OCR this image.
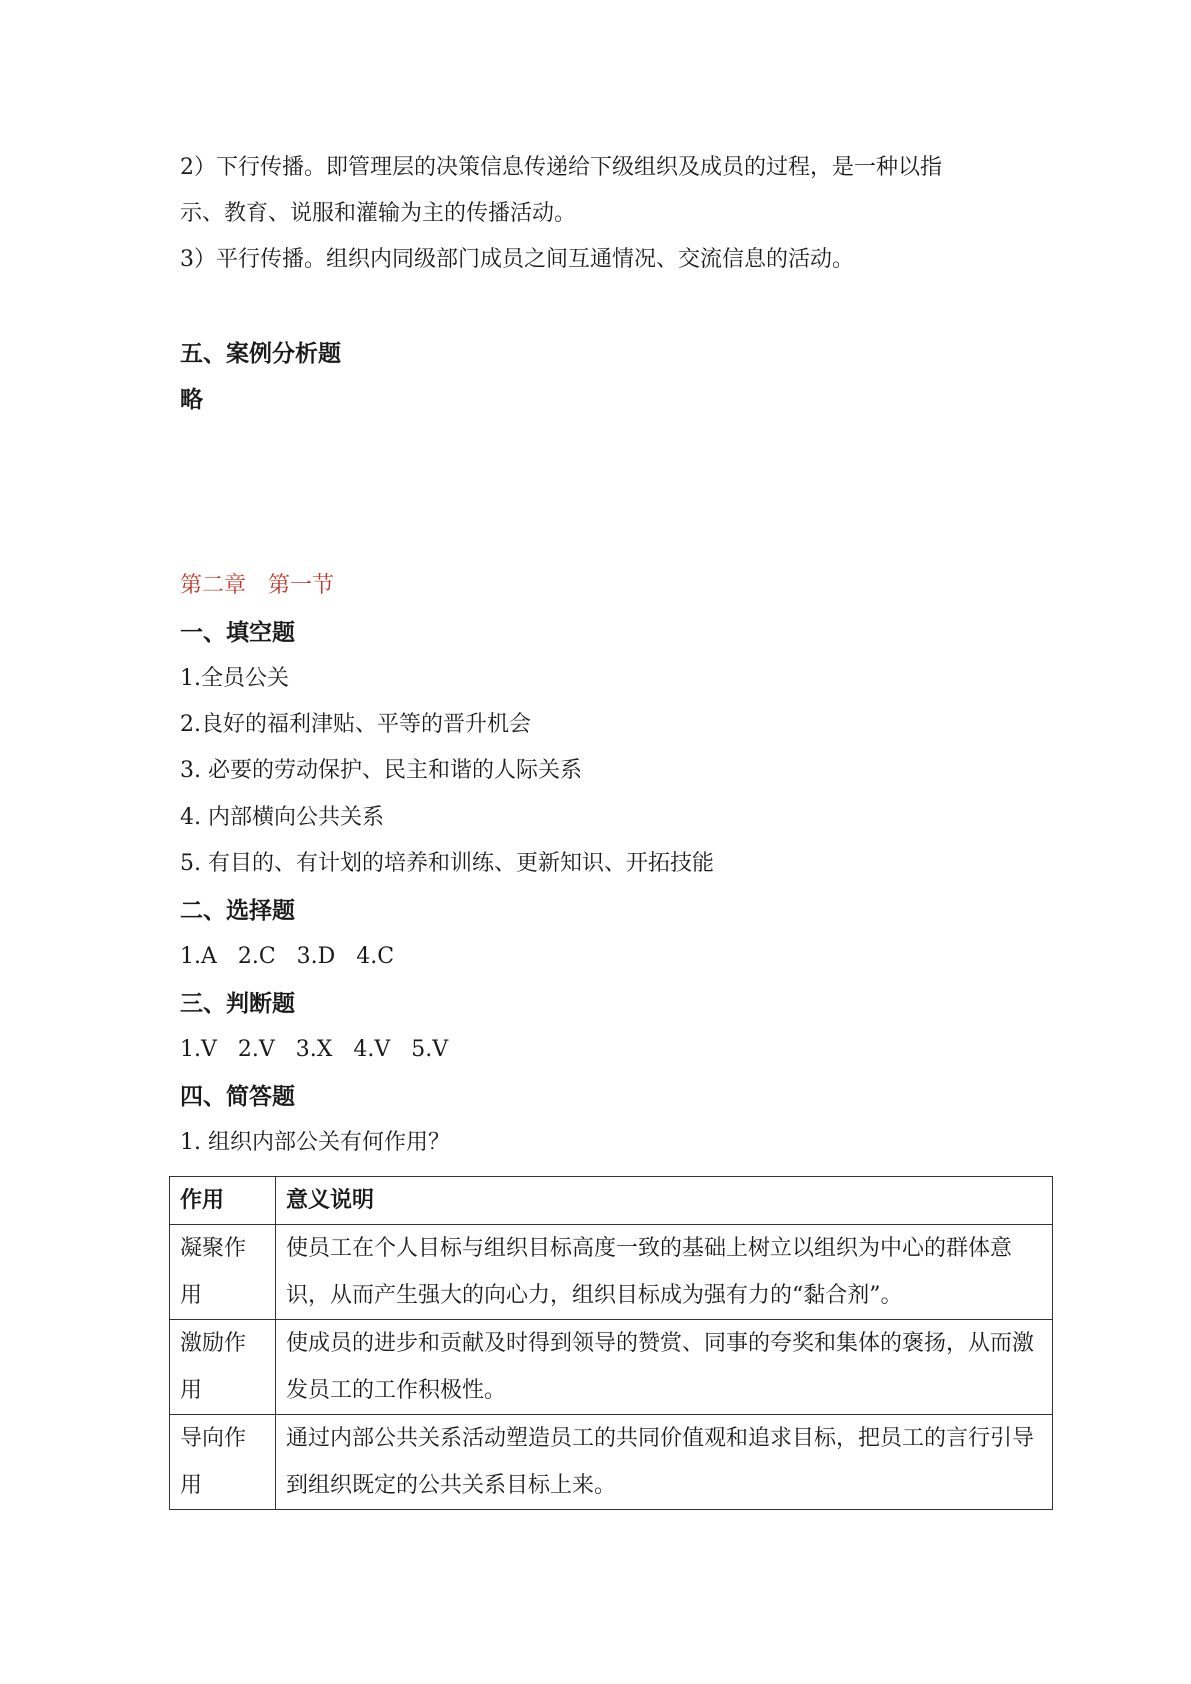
2）下行传播。即管理层的决策信息传递给下级组织及成员的过程，是一种以指
示、教育、说服和灌输为主的传播活动。
3）平行传播。组织内同级部门成员之间互通情况、交流信息的活动。
五、案例分析题
略
第二章　第一节
一、填空题
1.全员公关
2.良好的福利津贴、平等的晋升机会
3. 必要的劳动保护、民主和谐的人际关系
4. 内部横向公共关系
5. 有目的、有计划的培养和训练、更新知识、开拓技能
二、选择题
1.A   2.C   3.D   4.C
三、判断题
1.V   2.V   3.X   4.V   5.V
四、简答题
1. 组织内部公关有何作用？
作用	意义说明
凝聚作用	使员工在个人目标与组织目标高度一致的基础上树立以组织为中心的群体意识，从而产生强大的向心力，组织目标成为强有力的“黏合剂”。
激励作用	使成员的进步和贡献及时得到领导的赞赏、同事的夸奖和集体的褒扬，从而激发员工的工作积极性。
导向作用	通过内部公共关系活动塑造员工的共同价值观和追求目标，把员工的言行引导到组织既定的公共关系目标上来。
